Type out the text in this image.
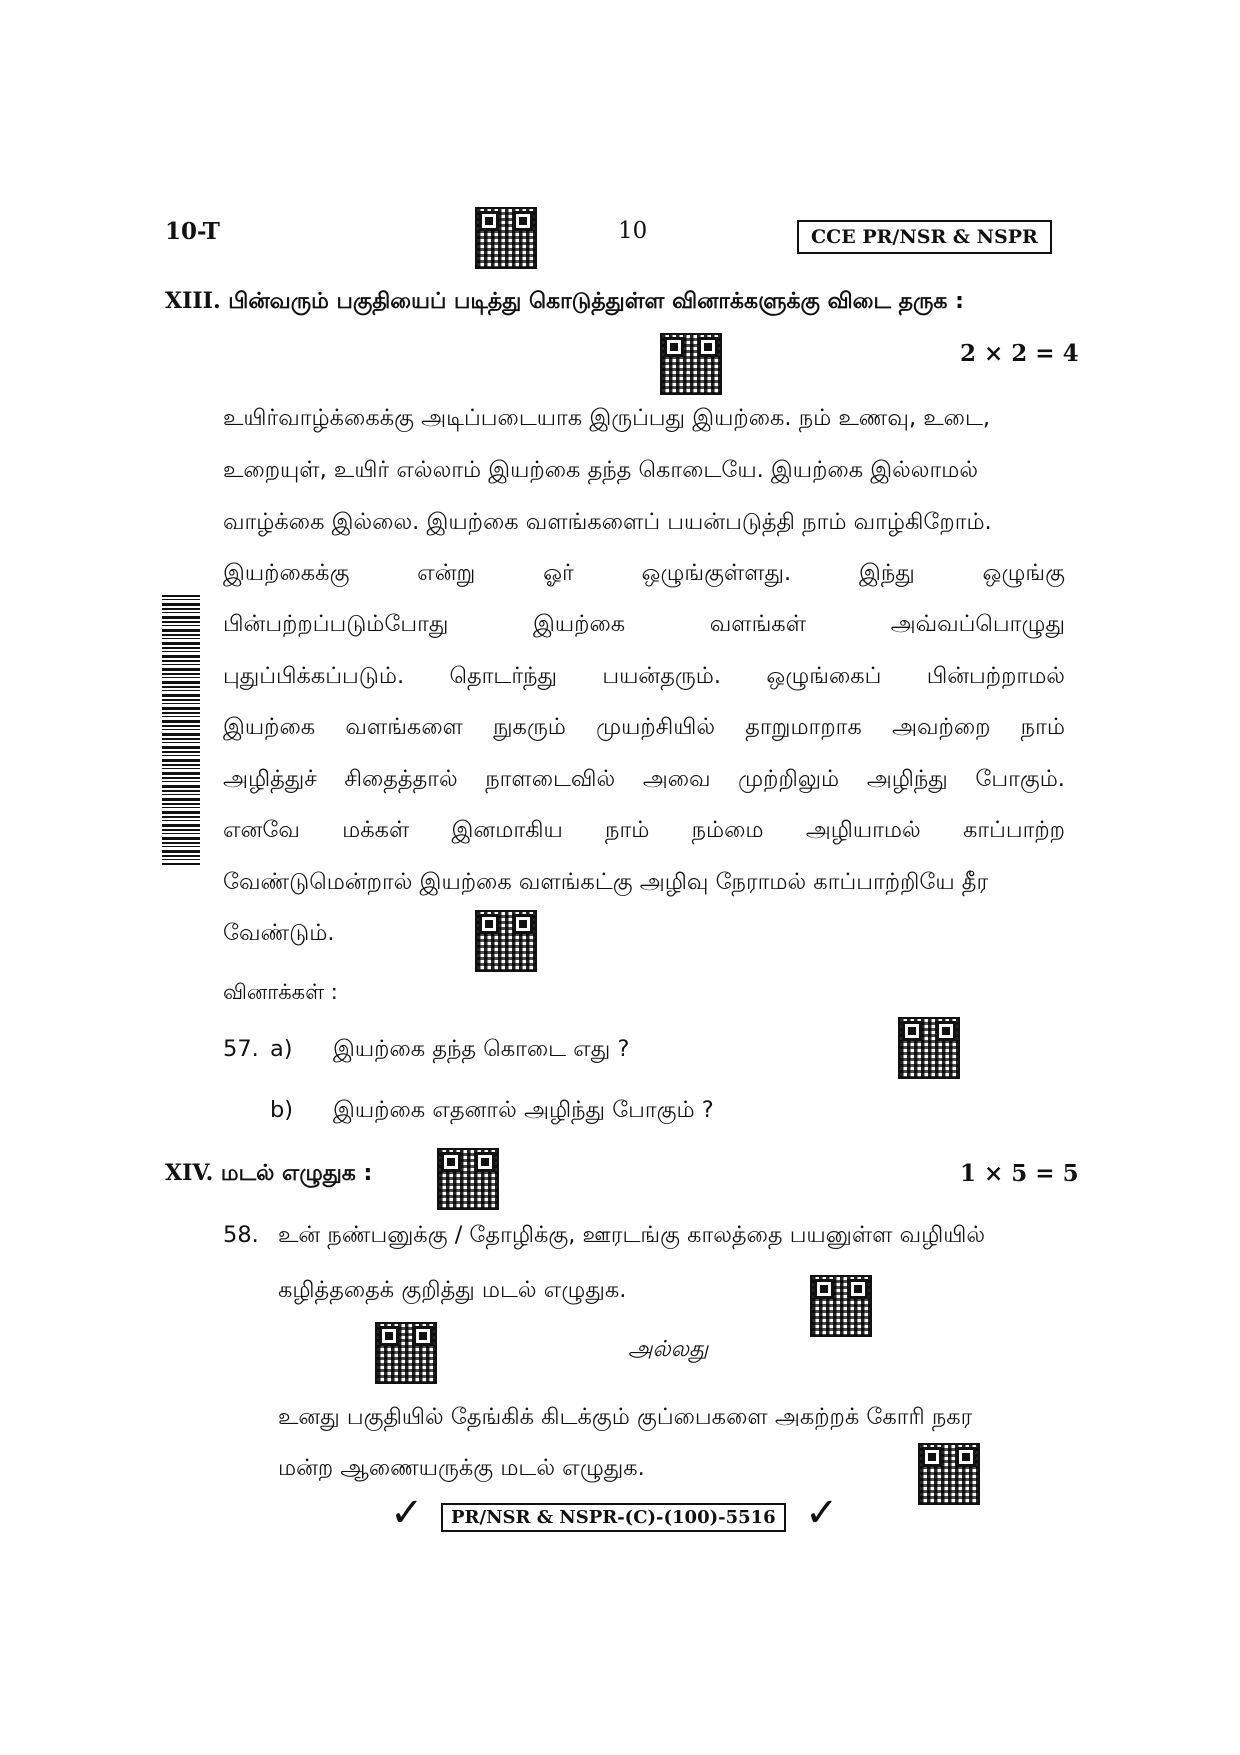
10-T	10	CCE PR/NSR & NSPR
XIII. பின்வரும் பகுதியைப் படித்து கொடுத்துள்ள வினாக்களுக்கு விடை தருக :
2 × 2 = 4
உயிர்வாழ்க்கைக்கு அடிப்படையாக இருப்பது இயற்கை. நம் உணவு, உடை,
உறையுள், உயிர் எல்லாம் இயற்கை தந்த கொடையே. இயற்கை இல்லாமல்
வாழ்க்கை இல்லை. இயற்கை வளங்களைப் பயன்படுத்தி நாம் வாழ்கிறோம்.
இயற்கைக்கு	என்று	ஓர்	ஒழுங்குள்ளது.	இந்து	ஒழுங்கு
பின்பற்றப்படும்போது	இயற்கை	வளங்கள்	அவ்வப்பொழுது
புதுப்பிக்கப்படும். தொடர்ந்து பயன்தரும். ஒழுங்கைப் பின்பற்றாமல்
இயற்கை வளங்களை நுகரும் முயற்சியில் தாறுமாறாக அவற்றை நாம்
அழித்துச் சிதைத்தால் நாளடைவில் அவை முற்றிலும் அழிந்து போகும்.
எனவே மக்கள் இனமாகிய நாம் நம்மை அழியாமல் காப்பாற்ற
வேண்டுமென்றால் இயற்கை வளங்கட்கு அழிவு நேராமல் காப்பாற்றியே தீர
வேண்டும்.
வினாக்கள் :
57. a) இயற்கை தந்த கொடை எது ?
b) இயற்கை எதனால் அழிந்து போகும் ?
XIV. மடல் எழுதுக :	1 × 5 = 5
58. உன் நண்பனுக்கு / தோழிக்கு, ஊரடங்கு காலத்தை பயனுள்ள வழியில்
கழித்ததைக் குறித்து மடல் எழுதுக.
அல்லது
உனது பகுதியில் தேங்கிக் கிடக்கும் குப்பைகளை அகற்றக் கோரி நகர
மன்ற ஆணையருக்கு மடல் எழுதுக.
✓	PR/NSR & NSPR-(C)-(100)-5516 ✓
